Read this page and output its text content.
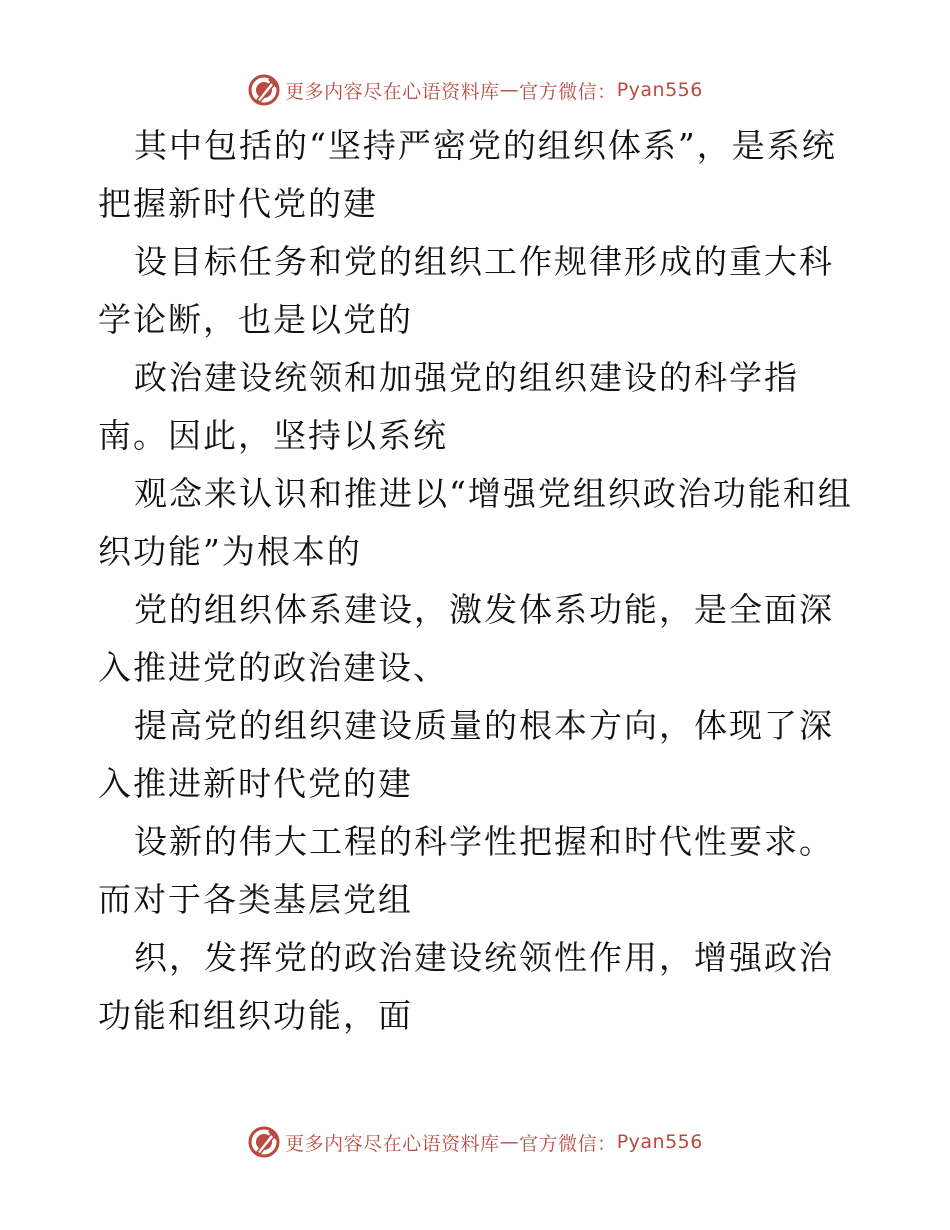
更多内容尽在心语资料库 — 官方微信： Pyan556

其中包括的“坚持严密党的组织体系”，是系统把握新时代党的建

设目标任务和党的组织工作规律形成的重大科学论断，也是以党的

政治建设统领和加强党的组织建设的科学指南。因此，坚持以系统

观念来认识和推进以“增强党组织政治功能和组织功能”为根本的

党的组织体系建设，激发体系功能，是全面深入推进党的政治建设、

提高党的组织建设质量的根本方向，体现了深入推进新时代党的建

设新的伟大工程的科学性把握和时代性要求。而对于各类基层党组

织，发挥党的政治建设统领性作用，增强政治功能和组织功能，面

更多内容尽在心语资料库 — 官方微信： Pyan556
